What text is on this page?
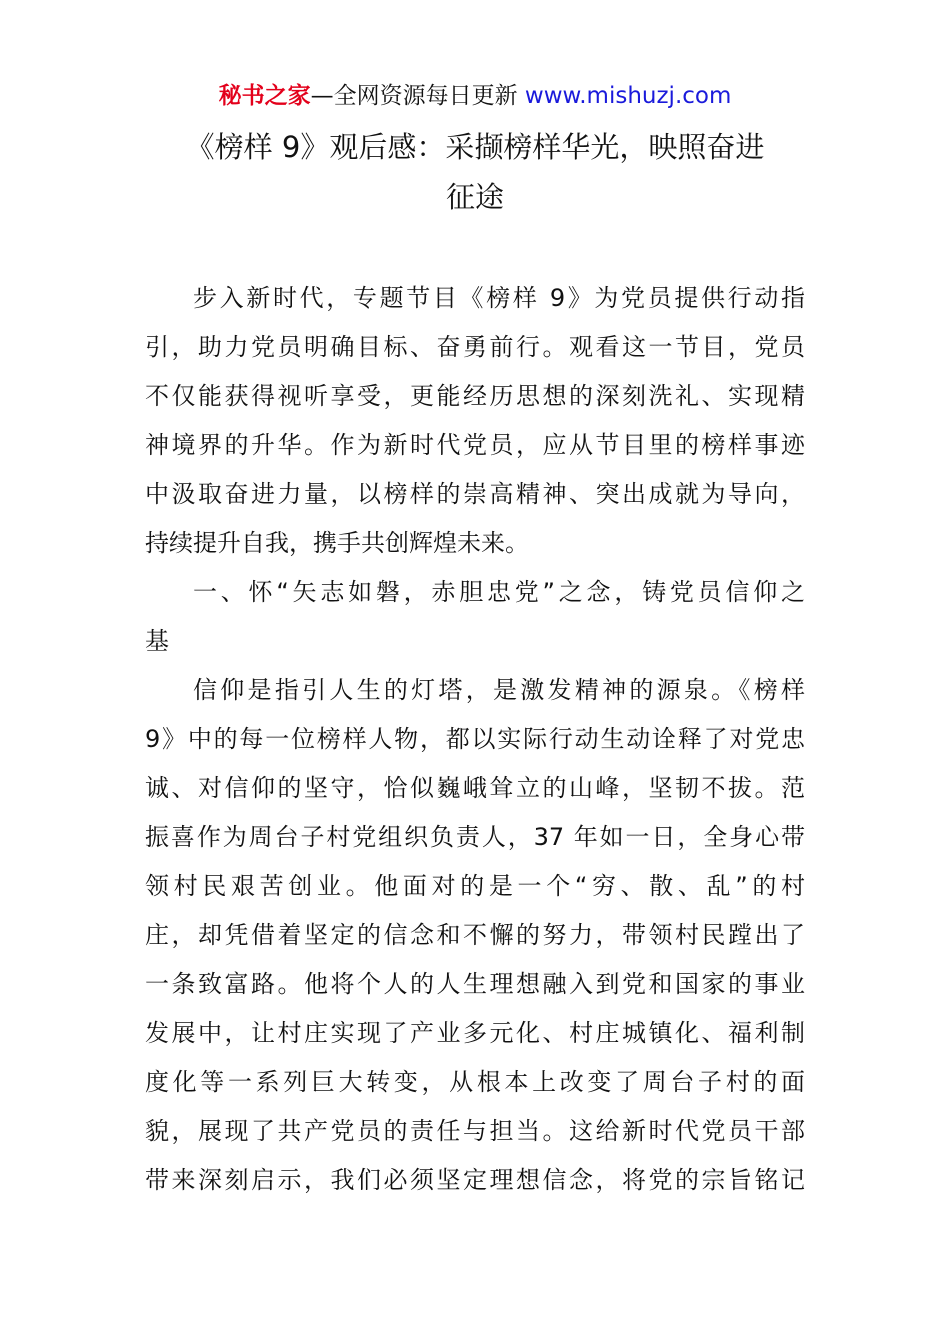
秘书之家—全网资源每日更新 www.mishuzj.com
《榜样 9》观后感：采撷榜样华光，映照奋进
征途
步入新时代，专题节目《榜样 9》为党员提供行动指
引，助力党员明确目标、奋勇前行。观看这一节目，党员
不仅能获得视听享受，更能经历思想的深刻洗礼、实现精
神境界的升华。作为新时代党员，应从节目里的榜样事迹
中汲取奋进力量，以榜样的崇高精神、突出成就为导向，
持续提升自我，携手共创辉煌未来。
一、怀“矢志如磐，赤胆忠党”之念，铸党员信仰之
基
信仰是指引人生的灯塔，是激发精神的源泉。《榜样
9》中的每一位榜样人物，都以实际行动生动诠释了对党忠
诚、对信仰的坚守，恰似巍峨耸立的山峰，坚韧不拔。范
振喜作为周台子村党组织负责人，37 年如一日，全身心带
领村民艰苦创业。他面对的是一个“穷、散、乱”的村
庄，却凭借着坚定的信念和不懈的努力，带领村民蹚出了
一条致富路。他将个人的人生理想融入到党和国家的事业
发展中，让村庄实现了产业多元化、村庄城镇化、福利制
度化等一系列巨大转变，从根本上改变了周台子村的面
貌，展现了共产党员的责任与担当。这给新时代党员干部
带来深刻启示，我们必须坚定理想信念，将党的宗旨铭记
